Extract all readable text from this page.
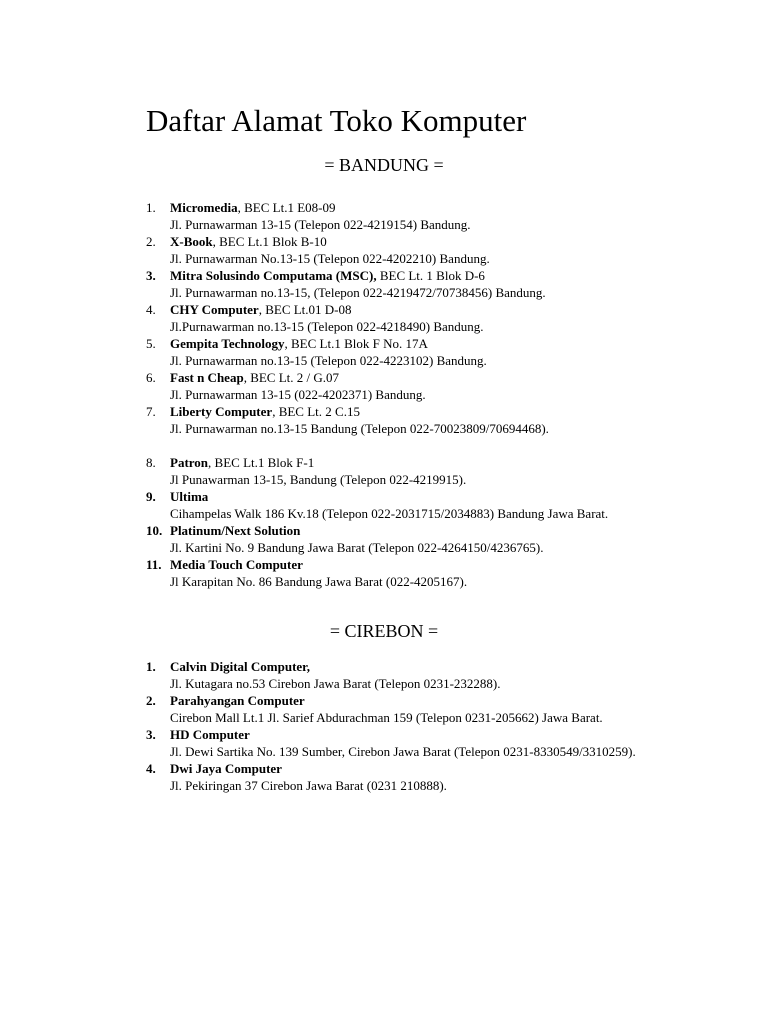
Daftar Alamat Toko Komputer
= BANDUNG =
1. Micromedia, BEC Lt.1 E08-09
Jl. Purnawarman 13-15 (Telepon 022-4219154) Bandung.
2. X-Book, BEC Lt.1 Blok B-10
Jl. Purnawarman No.13-15 (Telepon 022-4202210) Bandung.
3. Mitra Solusindo Computama (MSC), BEC Lt. 1 Blok D-6
Jl. Purnawarman no.13-15, (Telepon 022-4219472/70738456) Bandung.
4. CHY Computer, BEC Lt.01 D-08
Jl.Purnawarman no.13-15 (Telepon 022-4218490) Bandung.
5. Gempita Technology, BEC Lt.1 Blok F No. 17A
Jl. Purnawarman no.13-15 (Telepon 022-4223102) Bandung.
6. Fast n Cheap, BEC Lt. 2 / G.07
Jl. Purnawarman 13-15 (022-4202371) Bandung.
7. Liberty Computer, BEC Lt. 2 C.15
Jl. Purnawarman no.13-15 Bandung (Telepon 022-70023809/70694468).
8. Patron, BEC Lt.1 Blok F-1
Jl Punawarman 13-15, Bandung (Telepon 022-4219915).
9. Ultima
Cihampelas Walk 186 Kv.18 (Telepon 022-2031715/2034883) Bandung Jawa Barat.
10. Platinum/Next Solution
Jl. Kartini No. 9 Bandung Jawa Barat (Telepon 022-4264150/4236765).
11. Media Touch Computer
Jl Karapitan No. 86 Bandung Jawa Barat (022-4205167).
= CIREBON =
1. Calvin Digital Computer,
Jl. Kutagara no.53 Cirebon Jawa Barat (Telepon 0231-232288).
2. Parahyangan Computer
Cirebon Mall Lt.1 Jl. Sarief Abdurachman 159 (Telepon 0231-205662) Jawa Barat.
3. HD Computer
Jl. Dewi Sartika No. 139 Sumber, Cirebon Jawa Barat (Telepon 0231-8330549/3310259).
4. Dwi Jaya Computer
Jl. Pekiringan 37 Cirebon Jawa Barat (0231 210888).
